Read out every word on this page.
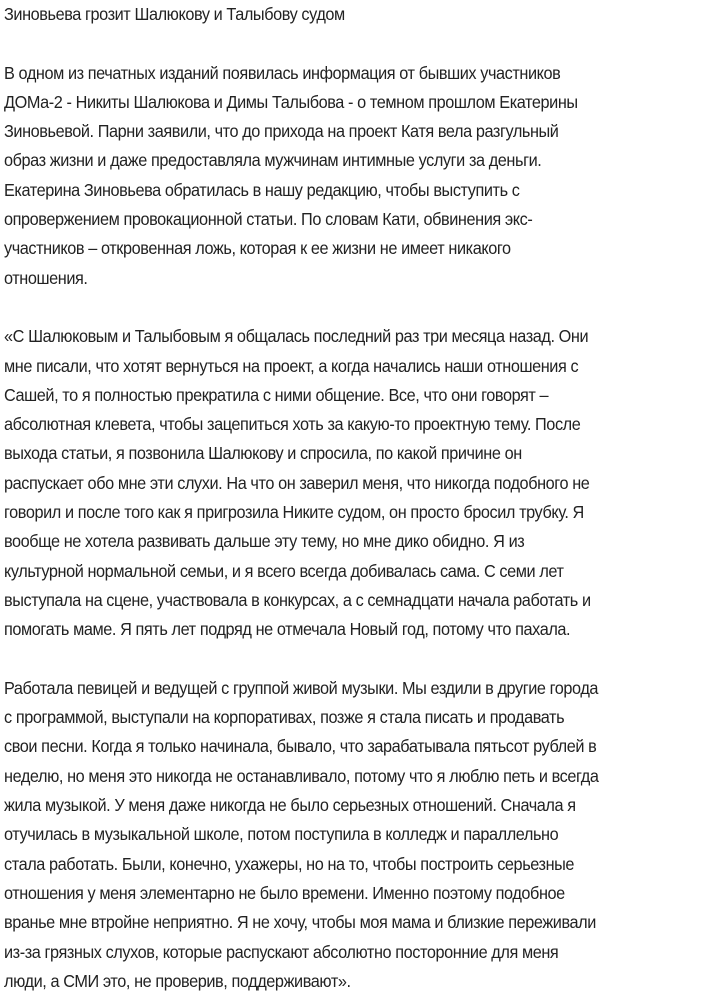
Зиновьева грозит Шалюкову и Талыбову судом

В одном из печатных изданий появилась информация от бывших участников
ДОМа-2 - Никиты Шалюкова и Димы Талыбова - о темном прошлом Екатерины
Зиновьевой. Парни заявили, что до прихода на проект Катя вела разгульный
образ жизни и даже предоставляла мужчинам интимные услуги за деньги.
Екатерина Зиновьева обратилась в нашу редакцию, чтобы выступить с
опровержением провокационной статьи. По словам Кати, обвинения экс-
участников – откровенная ложь, которая к ее жизни не имеет никакого
отношения.

«С Шалюковым и Талыбовым я общалась последний раз три месяца назад. Они
мне писали, что хотят вернуться на проект, а когда начались наши отношения с
Сашей, то я полностью прекратила с ними общение. Все, что они говорят –
абсолютная клевета, чтобы зацепиться хоть за какую-то проектную тему. После
выхода статьи, я позвонила Шалюкову и спросила, по какой причине он
распускает обо мне эти слухи. На что он заверил меня, что никогда подобного не
говорил и после того как я пригрозила Никите судом, он просто бросил трубку. Я
вообще не хотела развивать дальше эту тему, но мне дико обидно. Я из
культурной нормальной семьи, и я всего всегда добивалась сама. С семи лет
выступала на сцене, участвовала в конкурсах, а с семнадцати начала работать и
помогать маме. Я пять лет подряд не отмечала Новый год, потому что пахала.

Работала певицей и ведущей с группой живой музыки. Мы ездили в другие города
с программой, выступали на корпоративах, позже я стала писать и продавать
свои песни. Когда я только начинала, бывало, что зарабатывала пятьсот рублей в
неделю, но меня это никогда не останавливало, потому что я люблю петь и всегда
жила музыкой. У меня даже никогда не было серьезных отношений. Сначала я
отучилась в музыкальной школе, потом поступила в колледж и параллельно
стала работать. Были, конечно, ухажеры, но на то, чтобы построить серьезные
отношения у меня элементарно не было времени. Именно поэтому подобное
вранье мне втройне неприятно. Я не хочу, чтобы моя мама и близкие переживали
из-за грязных слухов, которые распускают абсолютно посторонние для меня
люди, а СМИ это, не проверив, поддерживают».
